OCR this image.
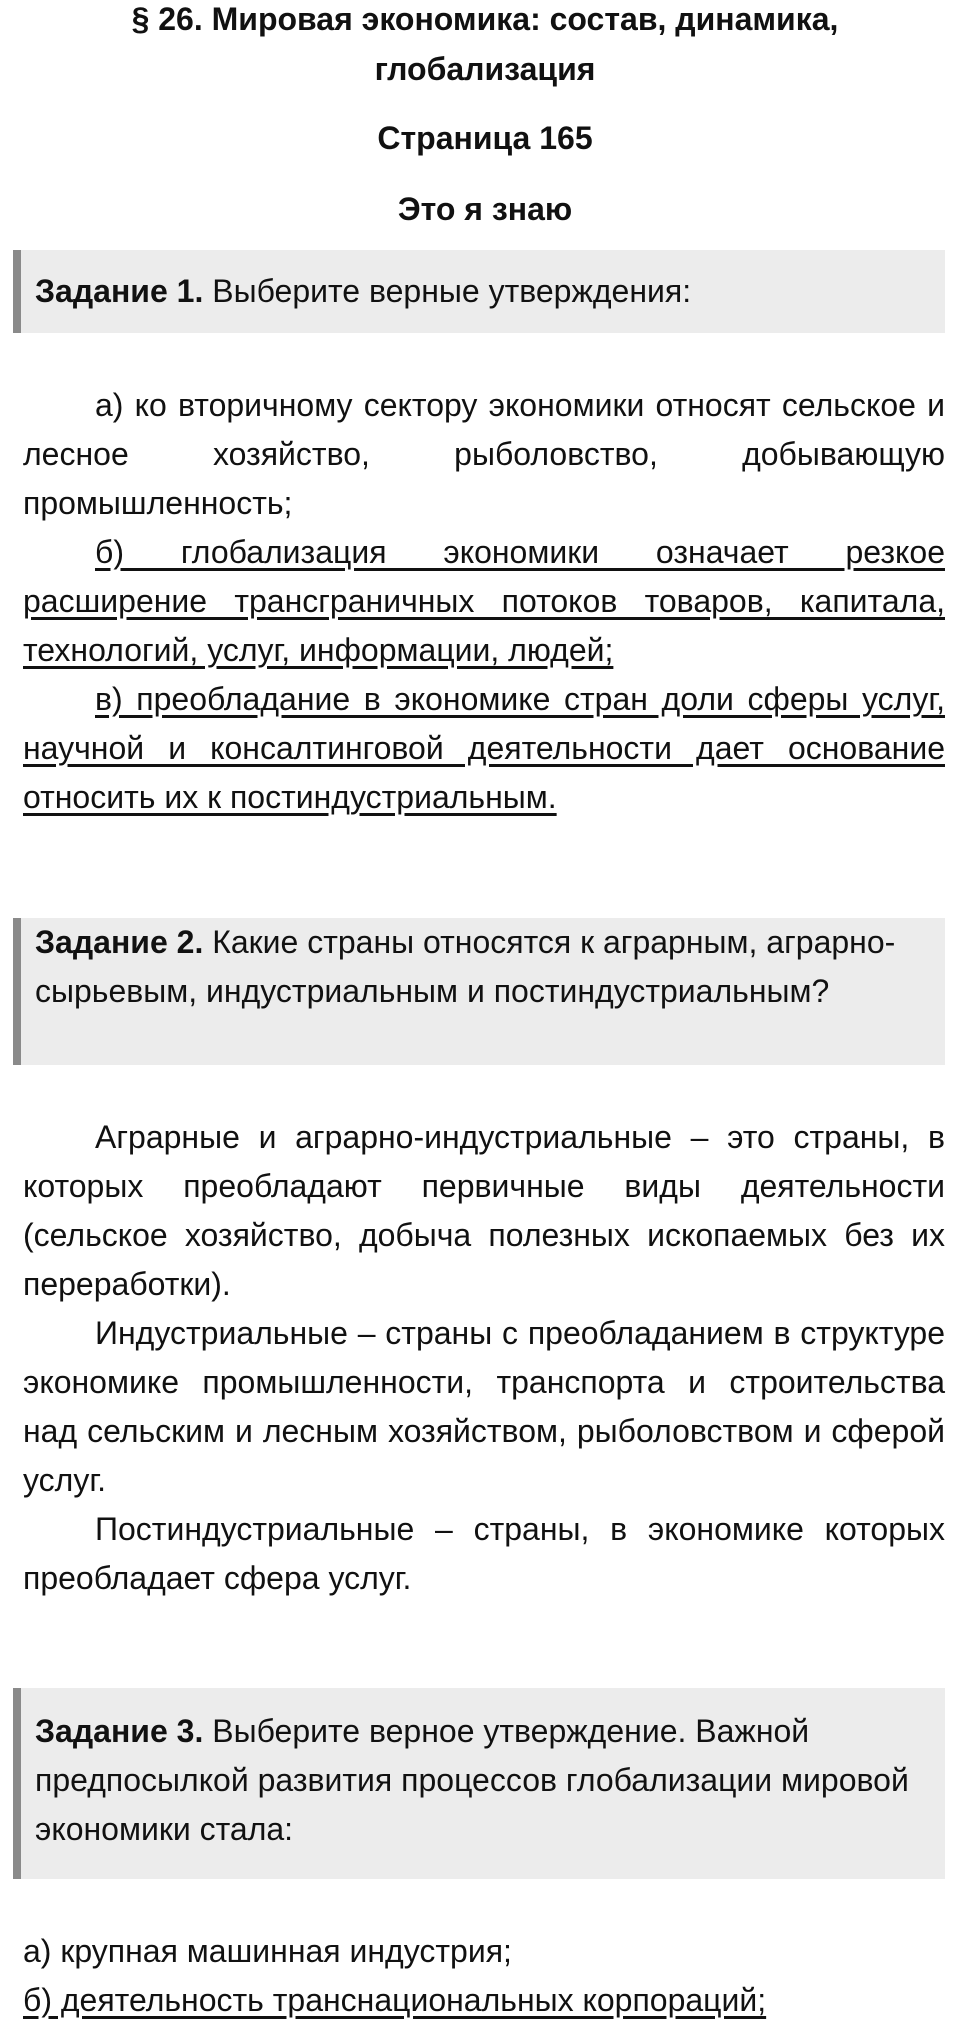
§ 26. Мировая экономика: состав, динамика,
глобализация
Страница 165
Это я знаю
Задание 1. Выберите верные утверждения:

а) ко вторичному сектору экономики относят сельское и лесное хозяйство, рыболовство, добывающую промышленность;

б) глобализация экономики означает резкое расширение трансграничных потоков товаров, капитала, технологий, услуг, информации, людей;

в) преобладание в экономике стран доли сферы услуг, научной и консалтинговой деятельности дает основание относить их к постиндустриальным.

Задание 2. Какие страны относятся к аграрным, аграрно-сырьевым, индустриальным и постиндустриальным?

Аграрные и аграрно-индустриальные – это страны, в которых преобладают первичные виды деятельности (сельское хозяйство, добыча полезных ископаемых без их переработки).

Индустриальные – страны с преобладанием в структуре экономике промышленности, транспорта и строительства над сельским и лесным хозяйством, рыболовством и сферой услуг.

Постиндустриальные – страны, в экономике которых преобладает сфера услуг.

Задание 3. Выберите верное утверждение. Важной предпосылкой развития процессов глобализации мировой экономики стала:

а) крупная машинная индустрия;

б) деятельность транснациональных корпораций;
